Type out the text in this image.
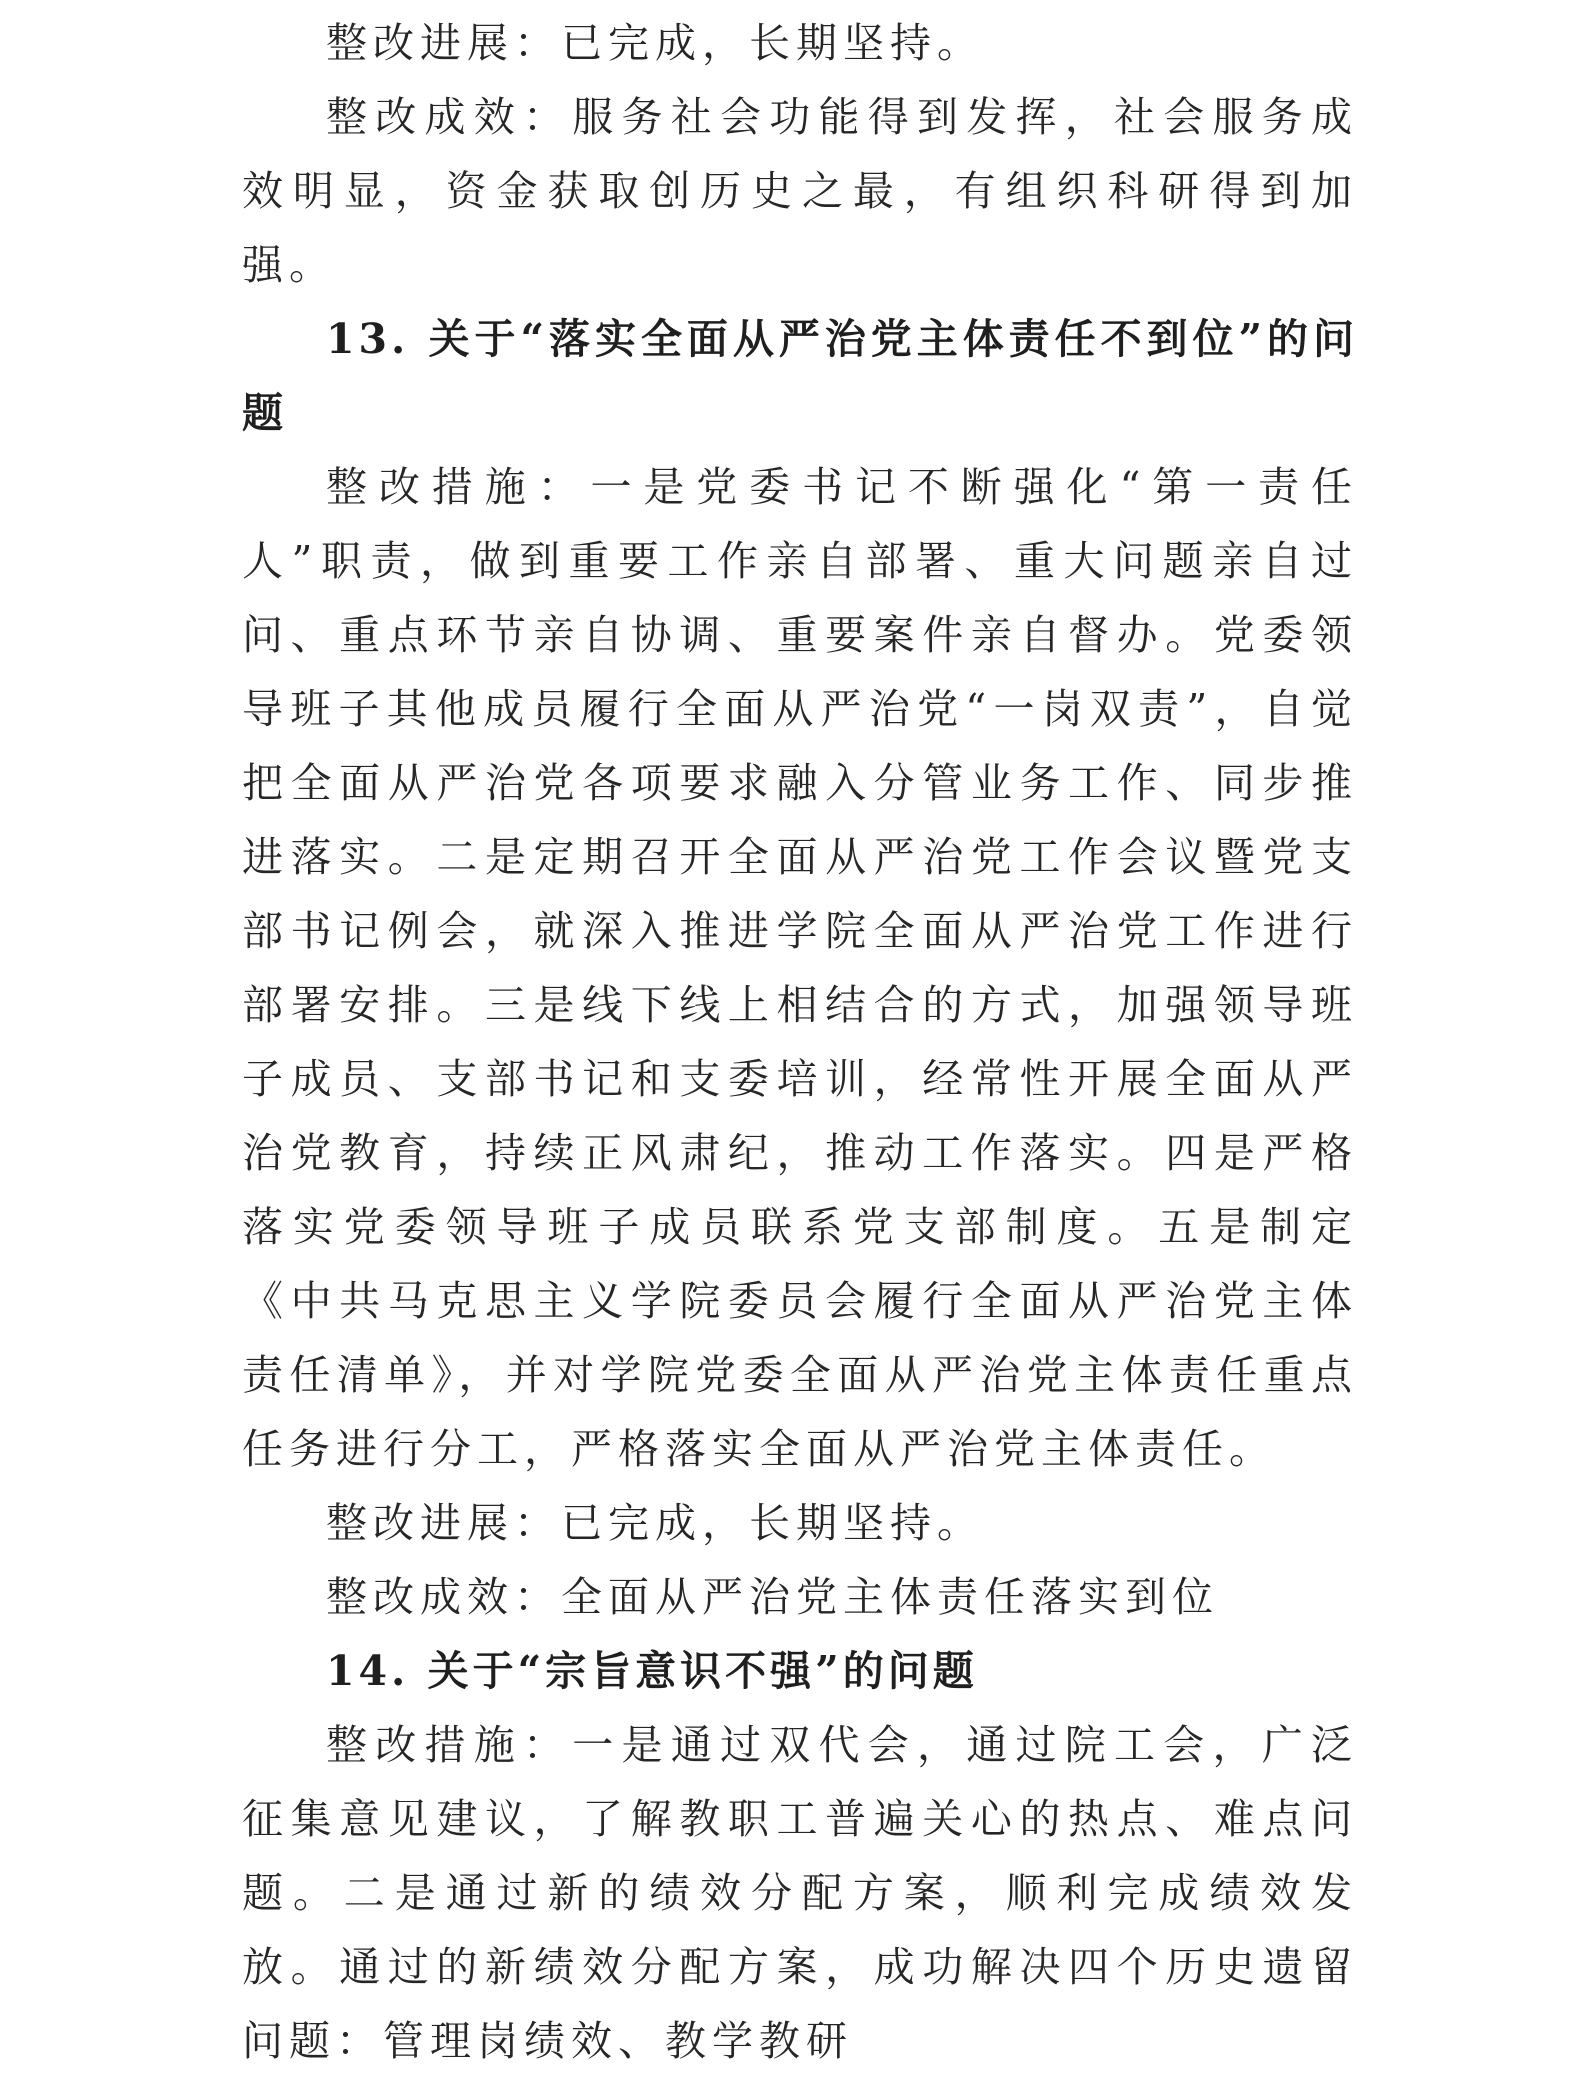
整改进展：已完成，长期坚持。

整改成效：服务社会功能得到发挥，社会服务成效明显，资金获取创历史之最，有组织科研得到加强。

13. 关于“落实全面从严治党主体责任不到位”的问题

整改措施：一是党委书记不断强化“第一责任人”职责，做到重要工作亲自部署、重大问题亲自过问、重点环节亲自协调、重要案件亲自督办。党委领导班子其他成员履行全面从严治党“一岗双责”，自觉把全面从严治党各项要求融入分管业务工作、同步推进落实。二是定期召开全面从严治党工作会议暨党支部书记例会，就深入推进学院全面从严治党工作进行部署安排。三是线下线上相结合的方式，加强领导班子成员、支部书记和支委培训，经常性开展全面从严治党教育，持续正风肃纪，推动工作落实。四是严格落实党委领导班子成员联系党支部制度。五是制定《中共马克思主义学院委员会履行全面从严治党主体责任清单》，并对学院党委全面从严治党主体责任重点任务进行分工，严格落实全面从严治党主体责任。

整改进展：已完成，长期坚持。

整改成效：全面从严治党主体责任落实到位

14. 关于“宗旨意识不强”的问题

整改措施：一是通过双代会，通过院工会，广泛征集意见建议，了解教职工普遍关心的热点、难点问题。二是通过新的绩效分配方案，顺利完成绩效发放。通过的新绩效分配方案，成功解决四个历史遗留问题：管理岗绩效、教学教研
